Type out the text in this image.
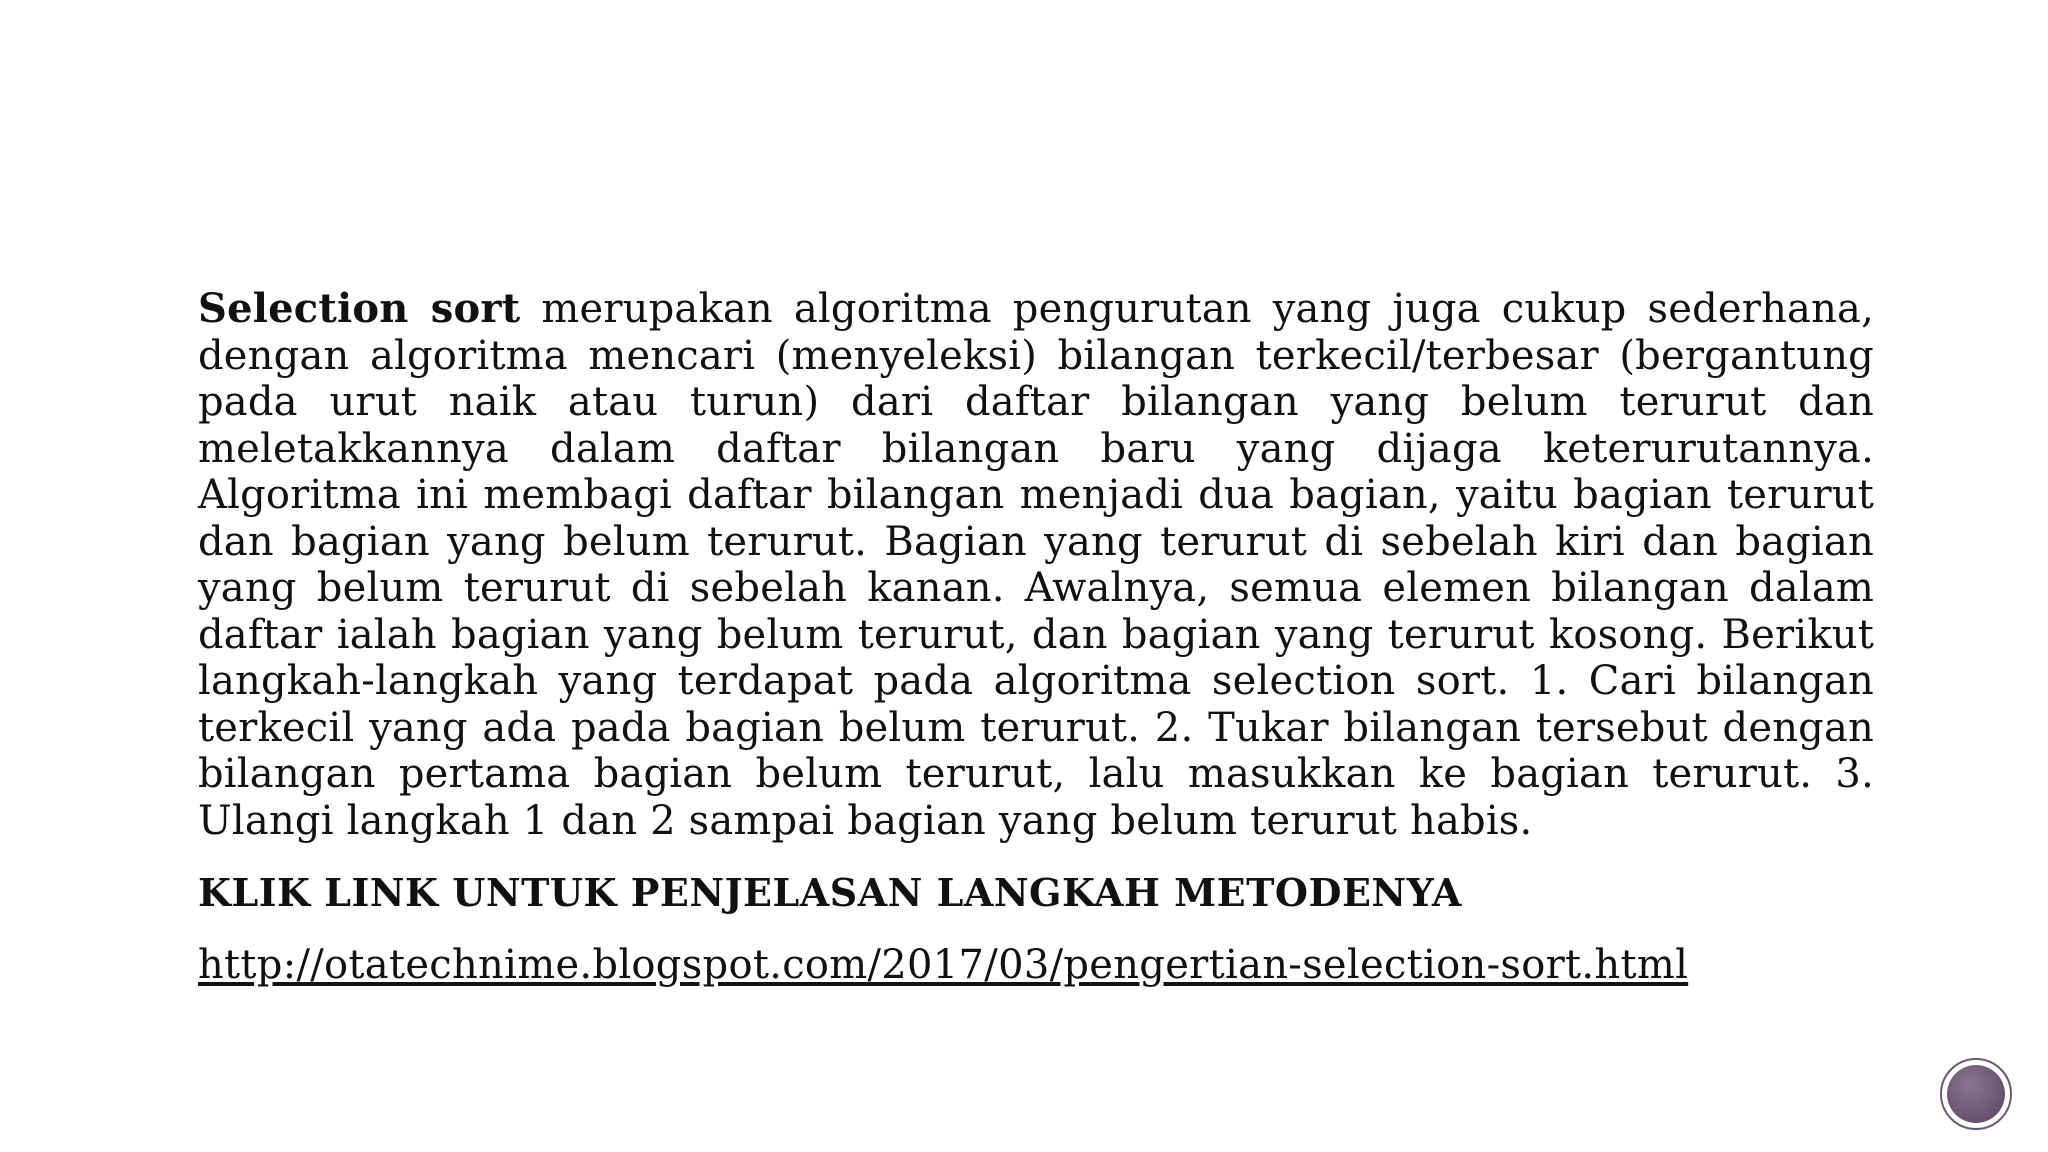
Selection sort merupakan algoritma pengurutan yang juga cukup sederhana, dengan algoritma mencari (menyeleksi) bilangan terkecil/terbesar (bergantung pada urut naik atau turun) dari daftar bilangan yang belum terurut dan meletakkannya dalam daftar bilangan baru yang dijaga keterurutannya. Algoritma ini membagi daftar bilangan menjadi dua bagian, yaitu bagian terurut dan bagian yang belum terurut. Bagian yang terurut di sebelah kiri dan bagian yang belum terurut di sebelah kanan. Awalnya, semua elemen bilangan dalam daftar ialah bagian yang belum terurut, dan bagian yang terurut kosong. Berikut langkah-langkah yang terdapat pada algoritma selection sort. 1. Cari bilangan terkecil yang ada pada bagian belum terurut. 2. Tukar bilangan tersebut dengan bilangan pertama bagian belum terurut, lalu masukkan ke bagian terurut. 3. Ulangi langkah 1 dan 2 sampai bagian yang belum terurut habis.

KLIK LINK UNTUK PENJELASAN LANGKAH METODENYA
http://otatechnime.blogspot.com/2017/03/pengertian-selection-sort.html
